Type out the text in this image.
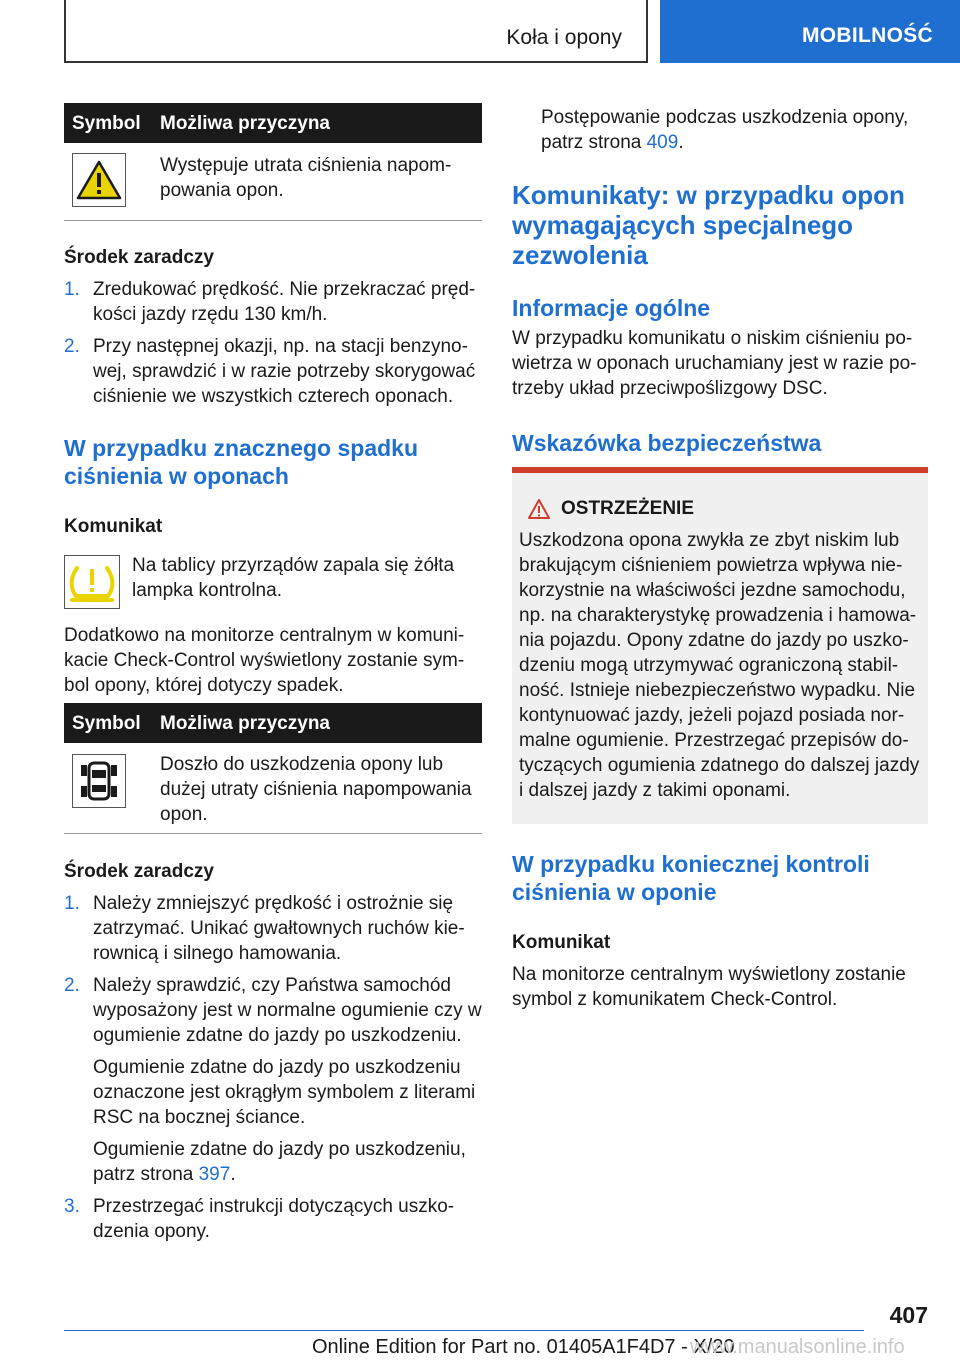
Koła i opony	MOBILNOŚĆ
Symbol Możliwa przyczyna
Występuje utrata ciśnienia napom- powania opon.
Środek zaradczy
1. Zredukować prędkość. Nie przekraczać pręd- kości jazdy rzędu 130 km/h.
2. Przy następnej okazji, np. na stacji benzyno- wej, sprawdzić i w razie potrzeby skorygować ciśnienie we wszystkich czterech oponach.
W przypadku znacznego spadku ciśnienia w oponach
Komunikat
Na tablicy przyrządów zapala się żółta lampka kontrolna.
Dodatkowo na monitorze centralnym w komuni- kacie Check-Control wyświetlony zostanie sym- bol opony, której dotyczy spadek.
Symbol Możliwa przyczyna
Doszło do uszkodzenia opony lub dużej utraty ciśnienia napompowania opon.
Środek zaradczy
1. Należy zmniejszyć prędkość i ostrożnie się zatrzymać. Unikać gwałtownych ruchów kie- rownicą i silnego hamowania.
2. Należy sprawdzić, czy Państwa samochód wyposażony jest w normalne ogumienie czy w ogumienie zdatne do jazdy po uszkodzeniu.
Ogumienie zdatne do jazdy po uszkodzeniu oznaczone jest okrągłym symbolem z literami RSC na bocznej ściance.
Ogumienie zdatne do jazdy po uszkodzeniu, patrz strona 397.
3. Przestrzegać instrukcji dotyczących uszko- dzenia opony.
Postępowanie podczas uszkodzenia opony, patrz strona 409.
Komunikaty: w przypadku opon wymagających specjalnego zezwolenia
Informacje ogólne
W przypadku komunikatu o niskim ciśnieniu po- wietrza w oponach uruchamiany jest w razie po- trzeby układ przeciwpoślizgowy DSC.
Wskazówka bezpieczeństwa
OSTRZEŻENIE
Uszkodzona opona zwykła ze zbyt niskim lub brakującym ciśnieniem powietrza wpływa nie- korzystnie na właściwości jezdne samochodu, np. na charakterystykę prowadzenia i hamowa- nia pojazdu. Opony zdatne do jazdy po uszko- dzeniu mogą utrzymywać ograniczoną stabil- ność. Istnieje niebezpieczeństwo wypadku. Nie kontynuować jazdy, jeżeli pojazd posiada nor- malne ogumienie. Przestrzegać przepisów do- tyczących ogumienia zdatnego do dalszej jazdy i dalszej jazdy z takimi oponami.
W przypadku koniecznej kontroli ciśnienia w oponie
Komunikat
Na monitorze centralnym wyświetlony zostanie symbol z komunikatem Check-Control.
407
Online Edition for Part no. 01405A1F4D7 - X/20
www.manualsonline.info
